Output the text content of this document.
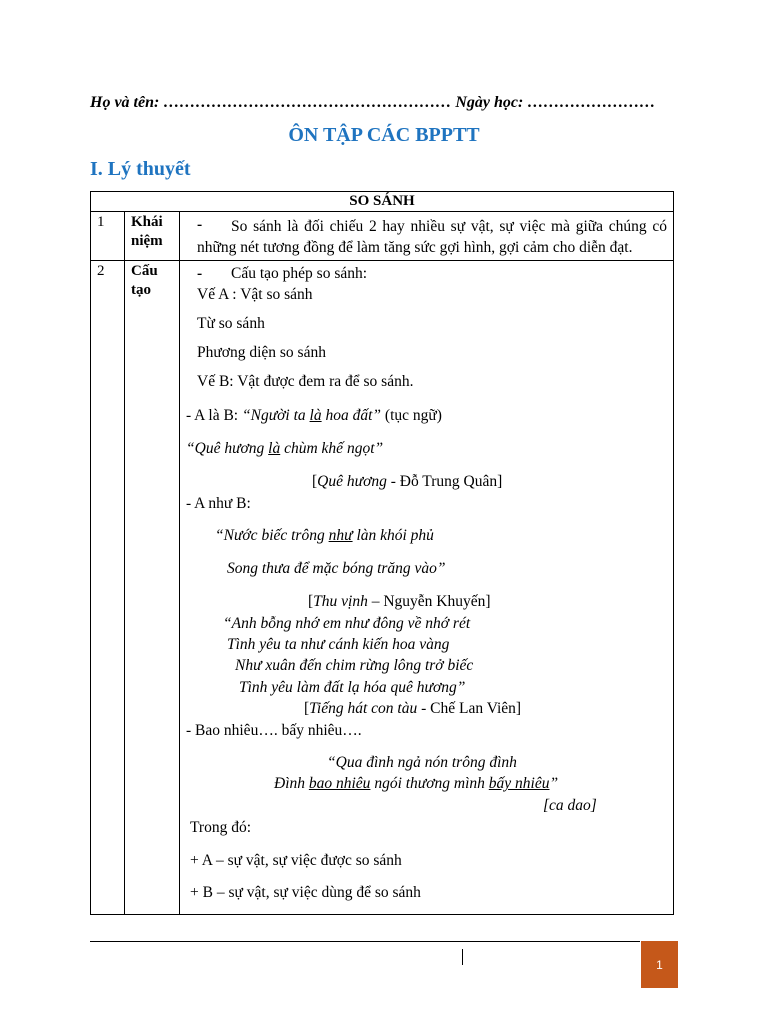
Họ và tên: ……………………………………………… Ngày học: ……………………
ÔN TẬP CÁC BPPTT
I. Lý thuyết
SO SÁNH
1 Khái
niệm
-	So sánh là đối chiếu 2 hay nhiều sự vật, sự việc mà giữa chúng có những nét tương đồng để làm tăng sức gợi hình, gợi cảm cho diễn đạt.
2 Cấu
tạo
- Cấu tạo phép so sánh:
Vế A : Vật so sánh
Từ so sánh
Phương diện so sánh
Vế B: Vật được đem ra để so sánh.
- A là B: “Người ta là hoa đất” (tục ngữ)
“Quê hương là chùm khế ngọt”
[Quê hương - Đỗ Trung Quân]
- A như B:
“Nước biếc trông như làn khói phủ
Song thưa để mặc bóng trăng vào”
[Thu vịnh – Nguyễn Khuyến]
“Anh bỗng nhớ em như đông về nhớ rét
Tình yêu ta như cánh kiến hoa vàng
Như xuân đến chim rừng lông trở biếc
Tình yêu làm đất lạ hóa quê hương”
[Tiếng hát con tàu - Chế Lan Viên]
- Bao nhiêu…. bấy nhiêu….
“Qua đình ngả nón trông đình
Đình bao nhiêu ngói thương mình bấy nhiêu”
[ca dao]
Trong đó:
+ A – sự vật, sự việc được so sánh
+ B – sự vật, sự việc dùng để so sánh
1
